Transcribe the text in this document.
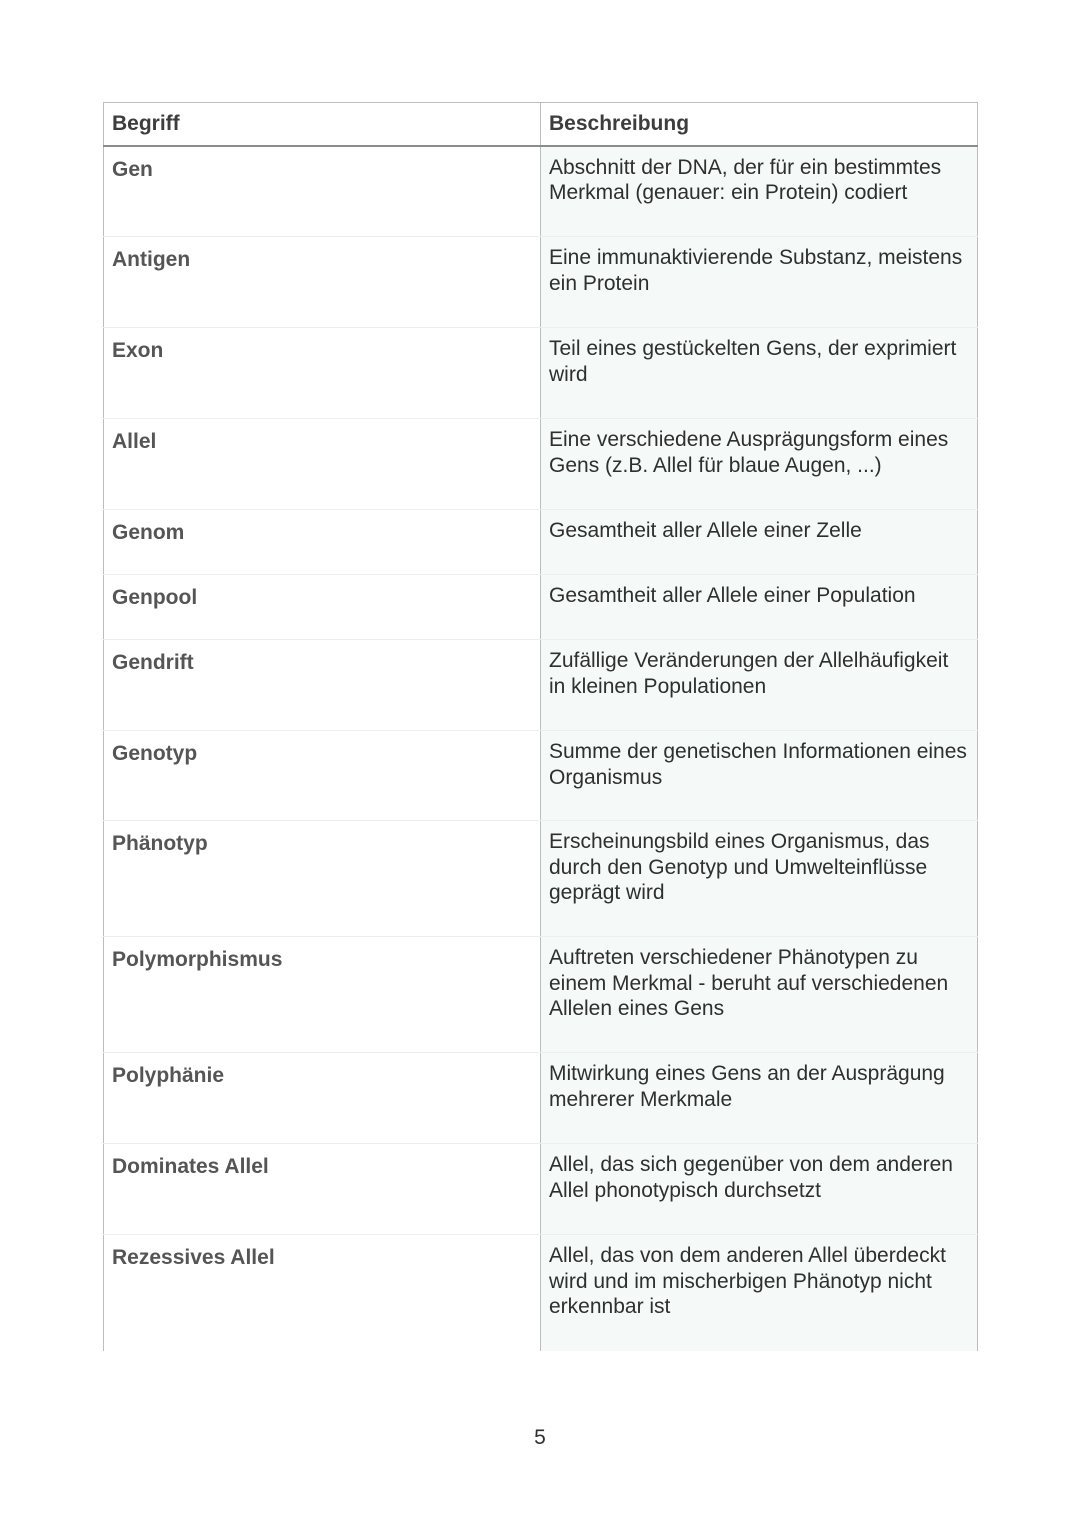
Begriff	Beschreibung
Gen	Abschnitt der DNA, der für ein bestimmtes Merkmal (genauer: ein Protein) codiert
Antigen	Eine immunaktivierende Substanz, meistens ein Protein
Exon	Teil eines gestückelten Gens, der exprimiert wird
Allel	Eine verschiedene Ausprägungsform eines Gens (z.B. Allel für blaue Augen, ...)
Genom	Gesamtheit aller Allele einer Zelle
Genpool	Gesamtheit aller Allele einer Population
Gendrift	Zufällige Veränderungen der Allelhäufigkeit in kleinen Populationen
Genotyp	Summe der genetischen Informationen eines Organismus
Phänotyp	Erscheinungsbild eines Organismus, das durch den Genotyp und Umwelteinflüsse geprägt wird
Polymorphismus	Auftreten verschiedener Phänotypen zu einem Merkmal - beruht auf verschiedenen Allelen eines Gens
Polyphänie	Mitwirkung eines Gens an der Ausprägung mehrerer Merkmale
Dominates Allel	Allel, das sich gegenüber von dem anderen Allel phonotypisch durchsetzt
Rezessives Allel	Allel, das von dem anderen Allel überdeckt wird und im mischerbigen Phänotyp nicht erkennbar ist
5
